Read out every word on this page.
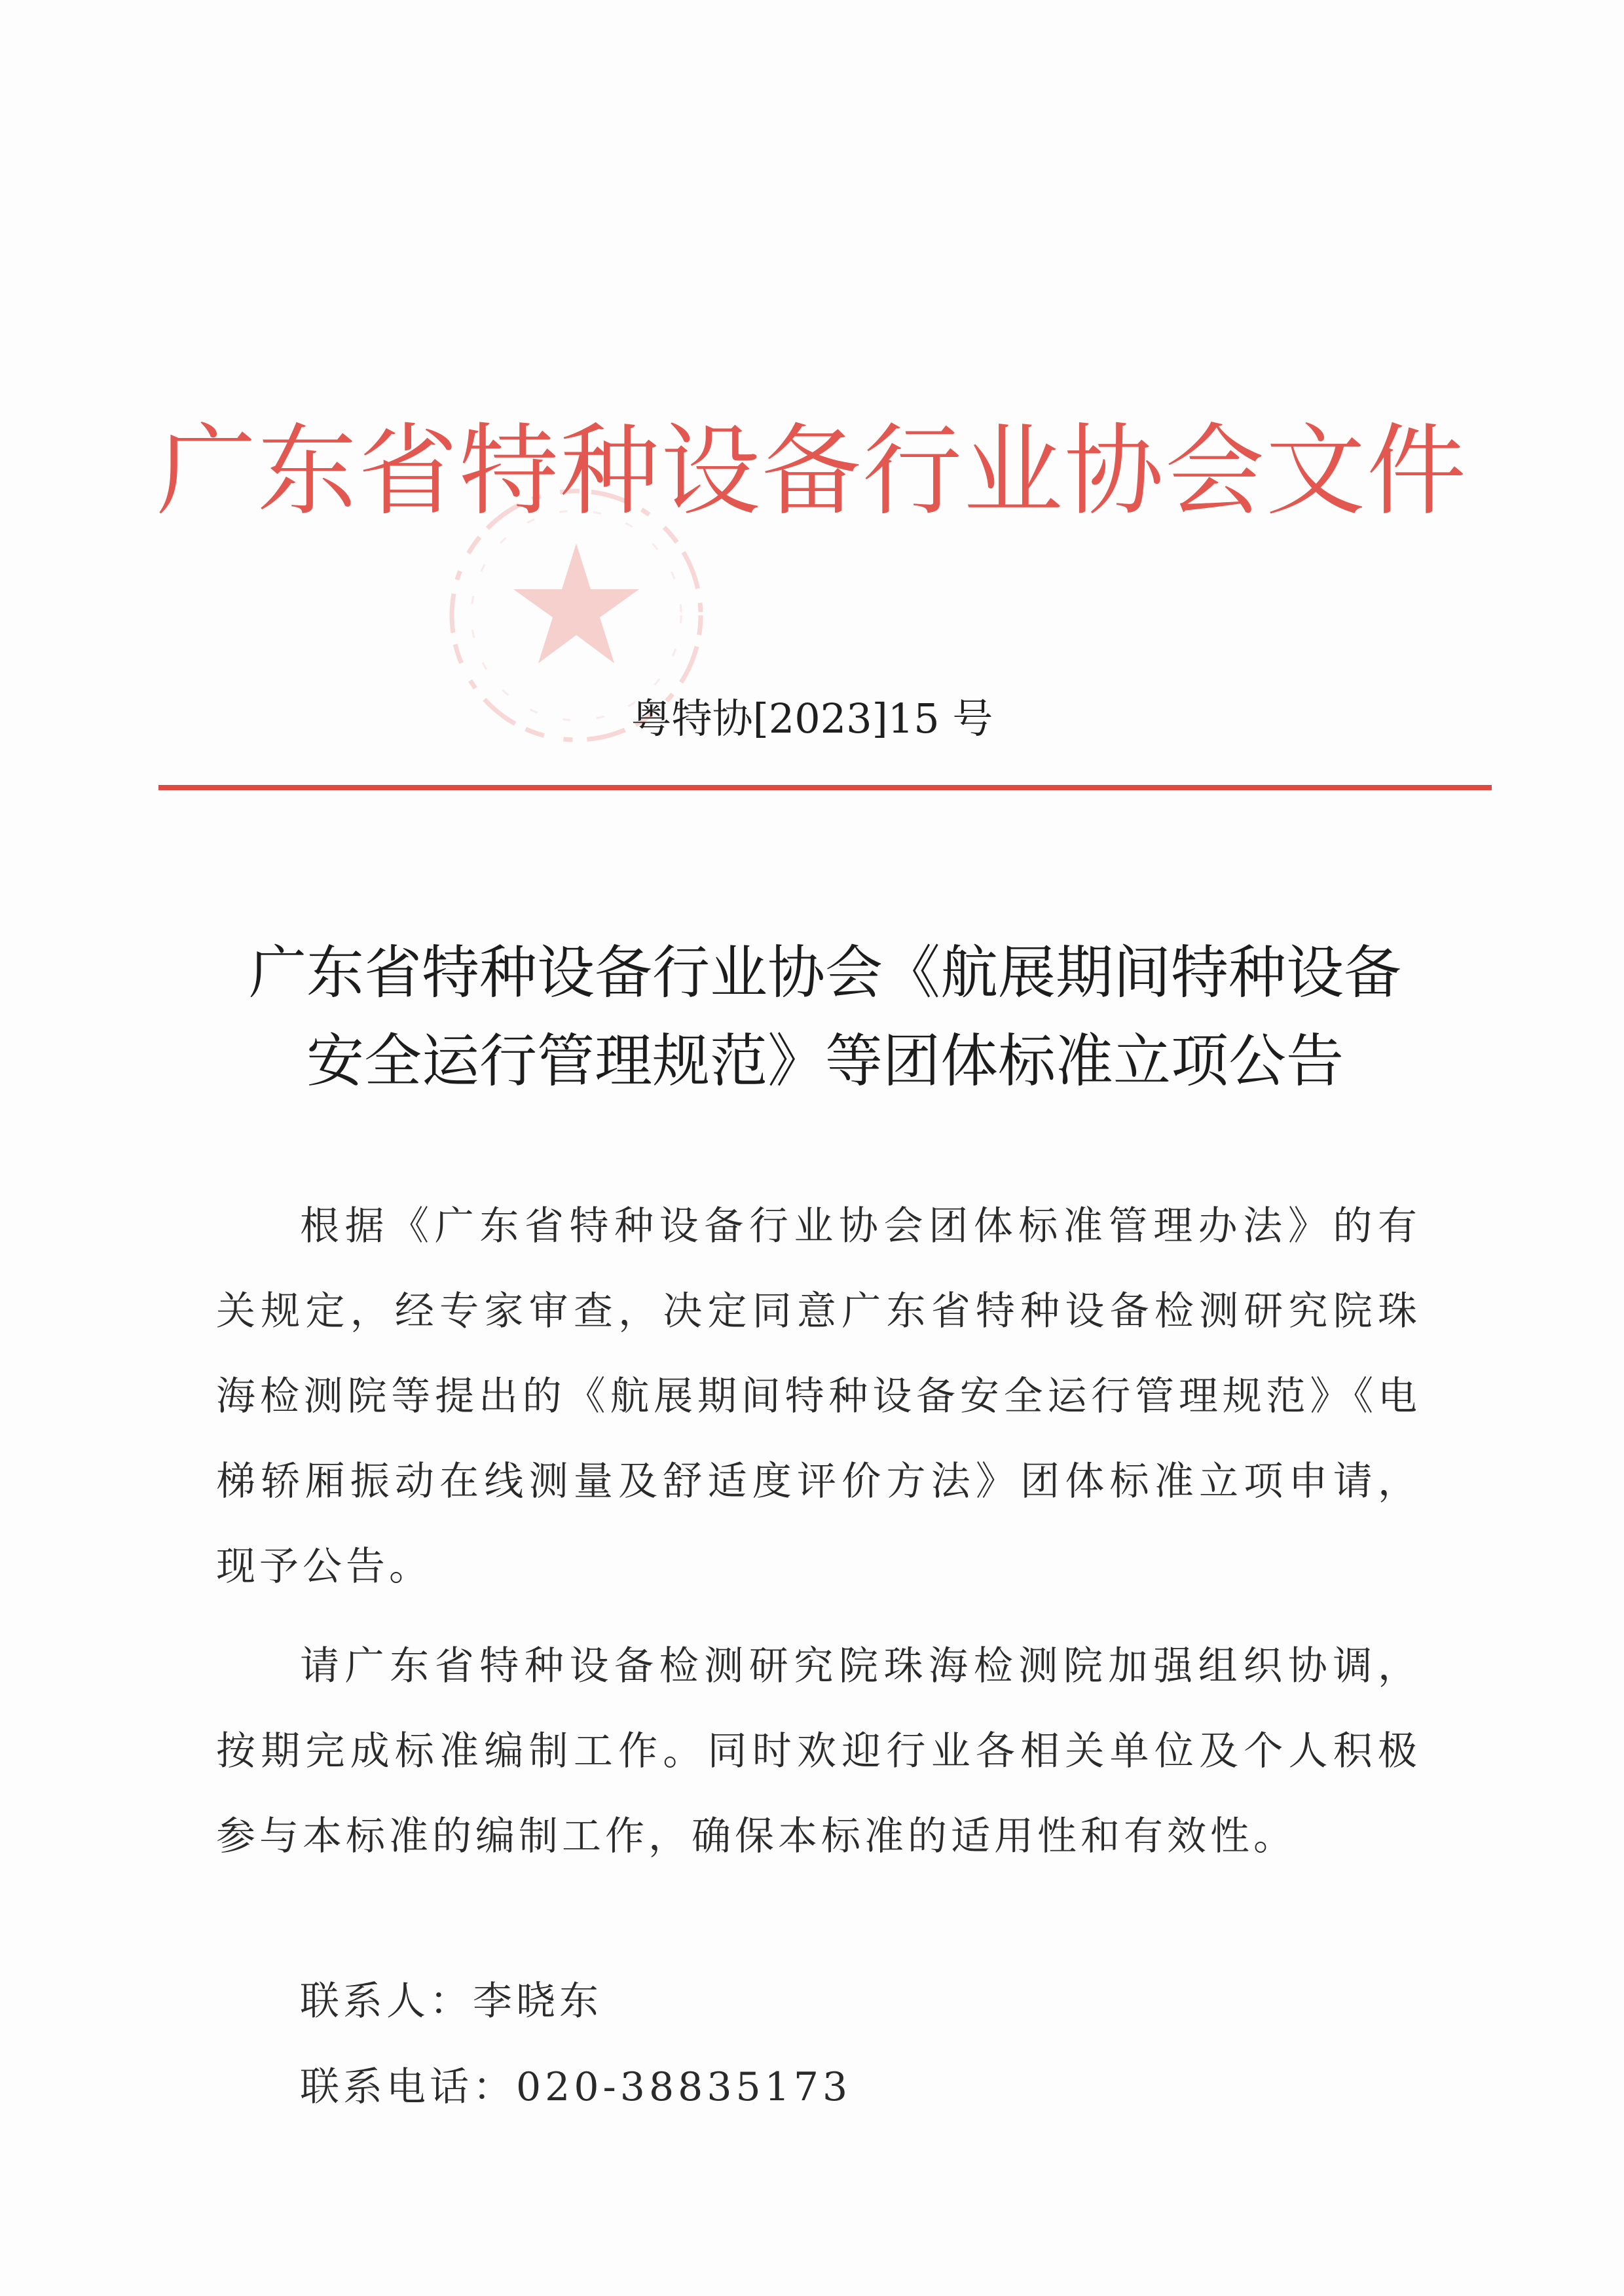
广东省特种设备行业协会文件
粤特协[2023]15 号
广东省特种设备行业协会《航展期间特种设备
安全运行管理规范》等团体标准立项公告

根据《广东省特种设备行业协会团体标准管理办法》的有关规定，经专家审查，决定同意广东省特种设备检测研究院珠海检测院等提出的《航展期间特种设备安全运行管理规范》《电梯轿厢振动在线测量及舒适度评价方法》团体标准立项申请，现予公告。

请广东省特种设备检测研究院珠海检测院加强组织协调，按期完成标准编制工作。同时欢迎行业各相关单位及个人积极参与本标准的编制工作，确保本标准的适用性和有效性。

联系人：李晓东
联系电话：020-38835173
